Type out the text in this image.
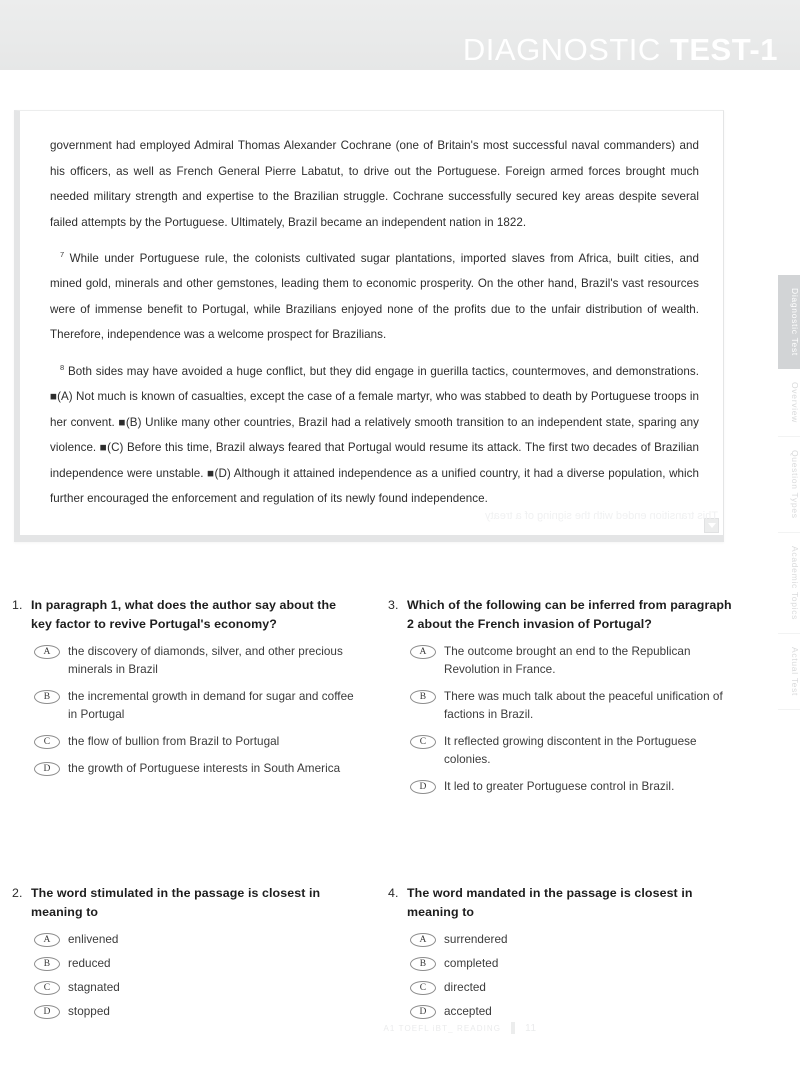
DIAGNOSTIC TEST-1
Diagnostic Test
Overview
Question Types
Academic Topics
Actual Test

government had employed Admiral Thomas Alexander Cochrane (one of Britain's most successful naval commanders) and his officers, as well as French General Pierre Labatut, to drive out the Portuguese. Foreign armed forces brought much needed military strength and expertise to the Brazilian struggle. Cochrane successfully secured key areas despite several failed attempts by the Portuguese. Ultimately, Brazil became an independent nation in 1822.

$^7$ While under Portuguese rule, the colonists cultivated sugar plantations, imported slaves from Africa, built cities, and mined gold, minerals and other gemstones, leading them to economic prosperity. On the other hand, Brazil's vast resources were of immense benefit to Portugal, while Brazilians enjoyed none of the profits due to the unfair distribution of wealth. Therefore, independence was a welcome prospect for Brazilians.

$^8$ Both sides may have avoided a huge conflict, but they did engage in guerilla tactics, countermoves, and demonstrations. ■(A) Not much is known of casualties, except the case of a female martyr, who was stabbed to death by Portuguese troops in her convent. ■(B) Unlike many other countries, Brazil had a relatively smooth transition to an independent state, sparing any violence. ■(C) Before this time, Brazil always feared that Portugal would resume its attack. The first two decades of Brazilian independence were unstable. ■(D) Although it attained independence as a unified country, it had a diverse population, which further encouraged the enforcement and regulation of its newly found independence.

This transition ended with the signing of a treaty
1. In paragraph 1, what does the author say about the key factor to revive Portugal's economy?
A	the discovery of diamonds, silver, and other precious minerals in Brazil
B	the incremental growth in demand for sugar and coffee in Portugal
C	the flow of bullion from Brazil to Portugal
D	the growth of Portuguese interests in South America
3. Which of the following can be inferred from paragraph 2 about the French invasion of Portugal?
A	The outcome brought an end to the Republican Revolution in France.
B	There was much talk about the peaceful unification of factions in Brazil.
C	It reflected growing discontent in the Portuguese colonies.
D	It led to greater Portuguese control in Brazil.
2. The word stimulated in the passage is closest in meaning to
A	enlivened
B	reduced
C	stagnated
D	stopped
4. The word mandated in the passage is closest in meaning to
A	surrendered
B	completed
C	directed
D	accepted
A1 TOEFL iBT_ READING 11
